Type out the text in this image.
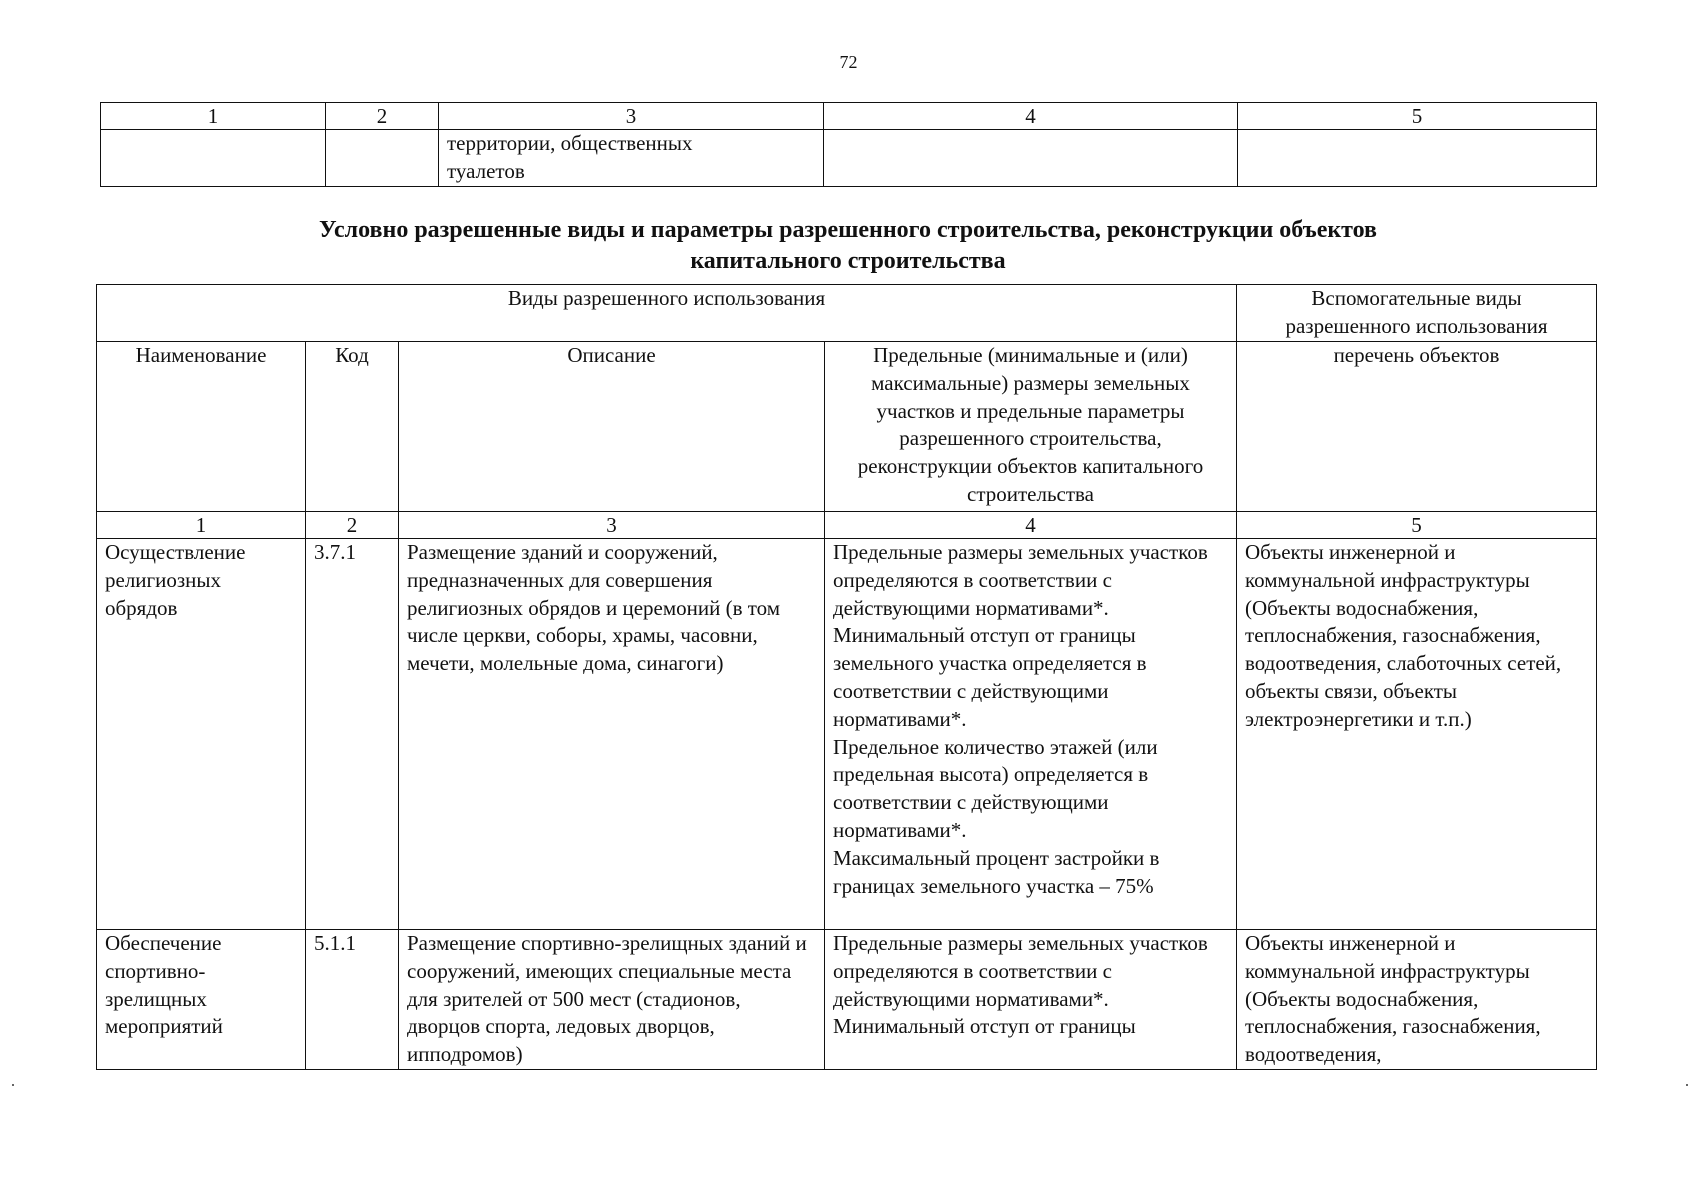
72
1	2	3	4	5
		территории, общественных туалетов		
Условно разрешенные виды и параметры разрешенного строительства, реконструкции объектов
капитального строительства
Виды разрешенного использования				Вспомогательные виды разрешенного использования
Наименование	Код	Описание	Предельные (минимальные и (или) максимальные) размеры земельных участков и предельные параметры разрешенного строительства, реконструкции объектов капитального строительства	перечень объектов
1	2	3	4	5
Осуществление религиозных обрядов	3.7.1	Размещение зданий и сооружений, предназначенных для совершения религиозных обрядов и церемоний (в том числе церкви, соборы, храмы, часовни, мечети, молельные дома, синагоги)	Предельные размеры земельных участков определяются в соответствии с действующими нормативами*.
Минимальный отступ от границы земельного участка определяется в соответствии с действующими нормативами*.
Предельное количество этажей (или предельная высота) определяется в соответствии с действующими нормативами*.
Максимальный процент застройки в границах земельного участка – 75%	Объекты инженерной и коммунальной инфраструктуры (Объекты водоснабжения, теплоснабжения, газоснабжения, водоотведения, слаботочных сетей, объекты связи, объекты электроэнергетики и т.п.)
Обеспечение спортивно-зрелищных мероприятий	5.1.1	Размещение спортивно-зрелищных зданий и сооружений, имеющих специальные места для зрителей от 500 мест (стадионов, дворцов спорта, ледовых дворцов, ипподромов)	Предельные размеры земельных участков определяются в соответствии с действующими нормативами*.
Минимальный отступ от границы	Объекты инженерной и коммунальной инфраструктуры (Объекты водоснабжения, теплоснабжения, газоснабжения, водоотведения,
